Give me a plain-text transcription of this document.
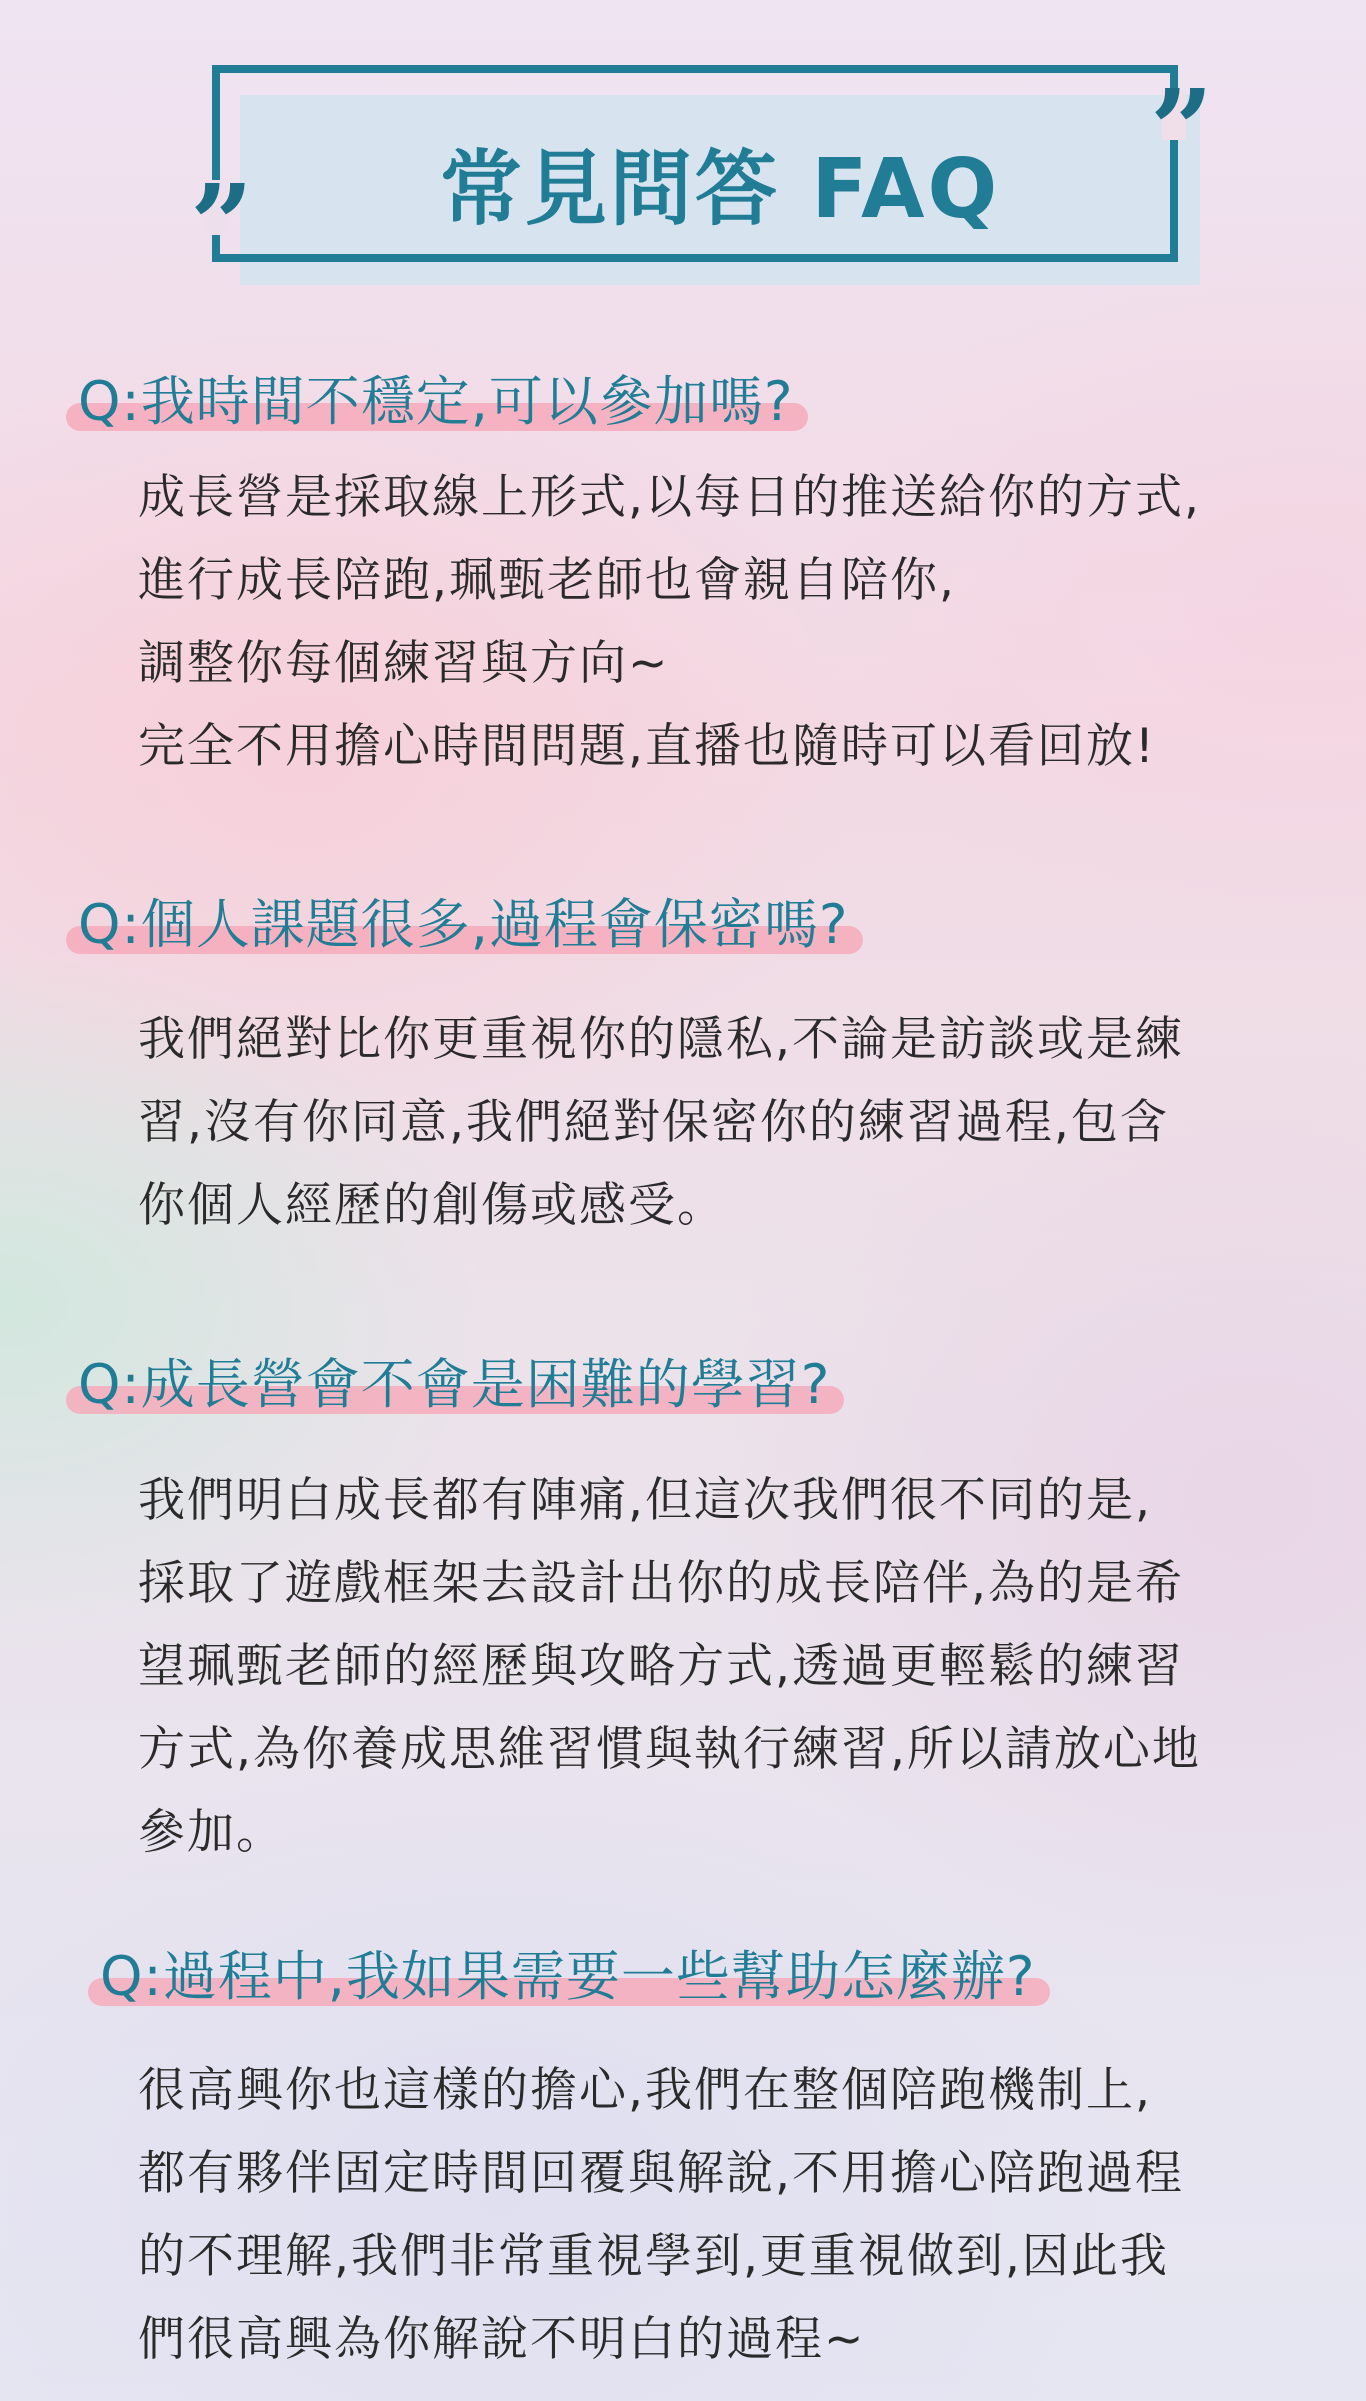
”
”
常見問答 FAQ
Q:我時間不穩定,可以參加嗎?
成長營是採取線上形式,以每日的推送給你的方式,
進行成長陪跑,珮甄老師也會親自陪你,
調整你每個練習與方向~
完全不用擔心時間問題,直播也隨時可以看回放!
Q:個人課題很多,過程會保密嗎?
我們絕對比你更重視你的隱私,不論是訪談或是練
習,沒有你同意,我們絕對保密你的練習過程,包含
你個人經歷的創傷或感受。
Q:成長營會不會是困難的學習?
我們明白成長都有陣痛,但這次我們很不同的是,
採取了遊戲框架去設計出你的成長陪伴,為的是希
望珮甄老師的經歷與攻略方式,透過更輕鬆的練習
方式,為你養成思維習慣與執行練習,所以請放心地
參加。
Q:過程中,我如果需要一些幫助怎麼辦?
很高興你也這樣的擔心,我們在整個陪跑機制上,
都有夥伴固定時間回覆與解說,不用擔心陪跑過程
的不理解,我們非常重視學到,更重視做到,因此我
們很高興為你解說不明白的過程~
